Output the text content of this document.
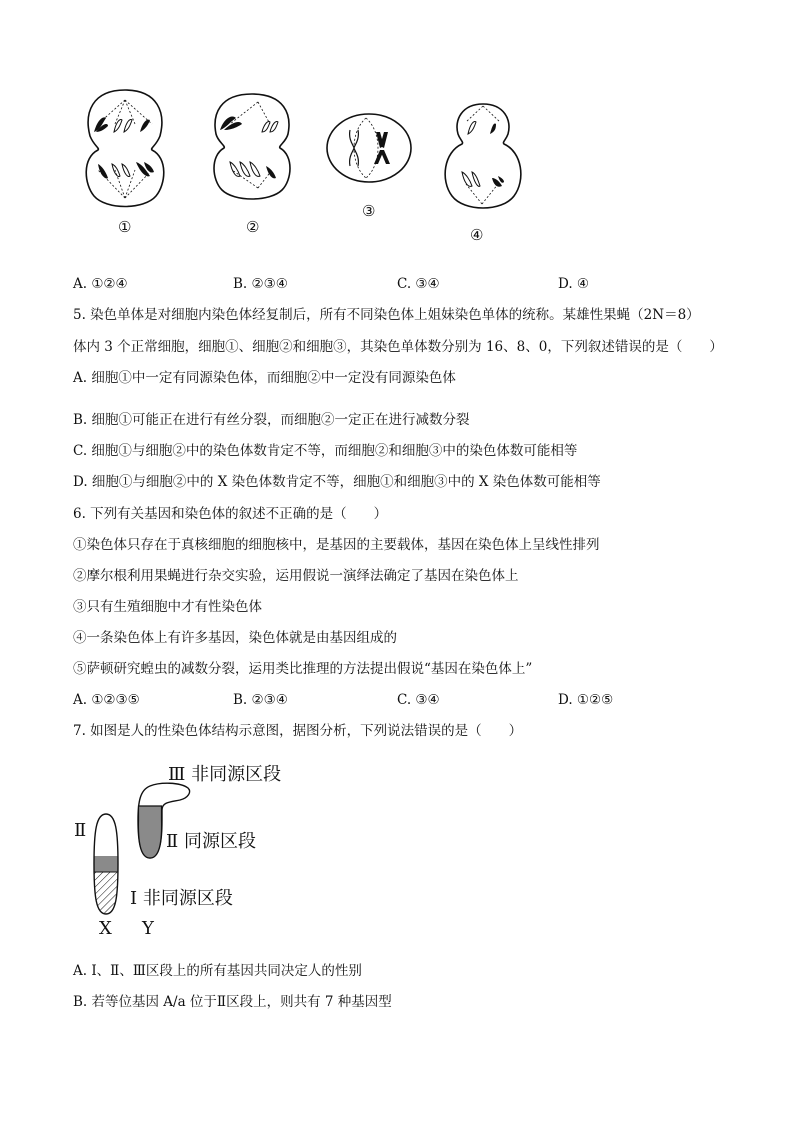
①	②
③
④
A. ①②④	B. ②③④	C. ③④	D. ④
5. 染色单体是对细胞内染色体经复制后，所有不同染色体上姐妹染色单体的统称。某雄性果蝇（2N＝8）
体内 3 个正常细胞，细胞①、细胞②和细胞③，其染色单体数分别为 16、8、0，下列叙述错误的是（　　）
A. 细胞①中一定有同源染色体，而细胞②中一定没有同源染色体
B. 细胞①可能正在进行有丝分裂，而细胞②一定正在进行减数分裂
C. 细胞①与细胞②中的染色体数肯定不等，而细胞②和细胞③中的染色体数可能相等
D. 细胞①与细胞②中的 X 染色体数肯定不等，细胞①和细胞③中的 X 染色体数可能相等
6. 下列有关基因和染色体的叙述不正确的是（　　）
①染色体只存在于真核细胞的细胞核中，是基因的主要载体，基因在染色体上呈线性排列
②摩尔根利用果蝇进行杂交实验，运用假说一演绎法确定了基因在染色体上
③只有生殖细胞中才有性染色体
④一条染色体上有许多基因，染色体就是由基因组成的
⑤萨顿研究蝗虫的减数分裂，运用类比推理的方法提出假说“基因在染色体上”
A. ①②③⑤	B. ②③④	C. ③④	D. ①②⑤
7. 如图是人的性染色体结构示意图，据图分析，下列说法错误的是（　　）
Ⅲ 非同源区段
Ⅱ 同源区段
Ⅰ 非同源区段
Ⅱ
X Y
A. Ⅰ、Ⅱ、Ⅲ区段上的所有基因共同决定人的性别
B. 若等位基因 A/a 位于Ⅱ区段上，则共有 7 种基因型
